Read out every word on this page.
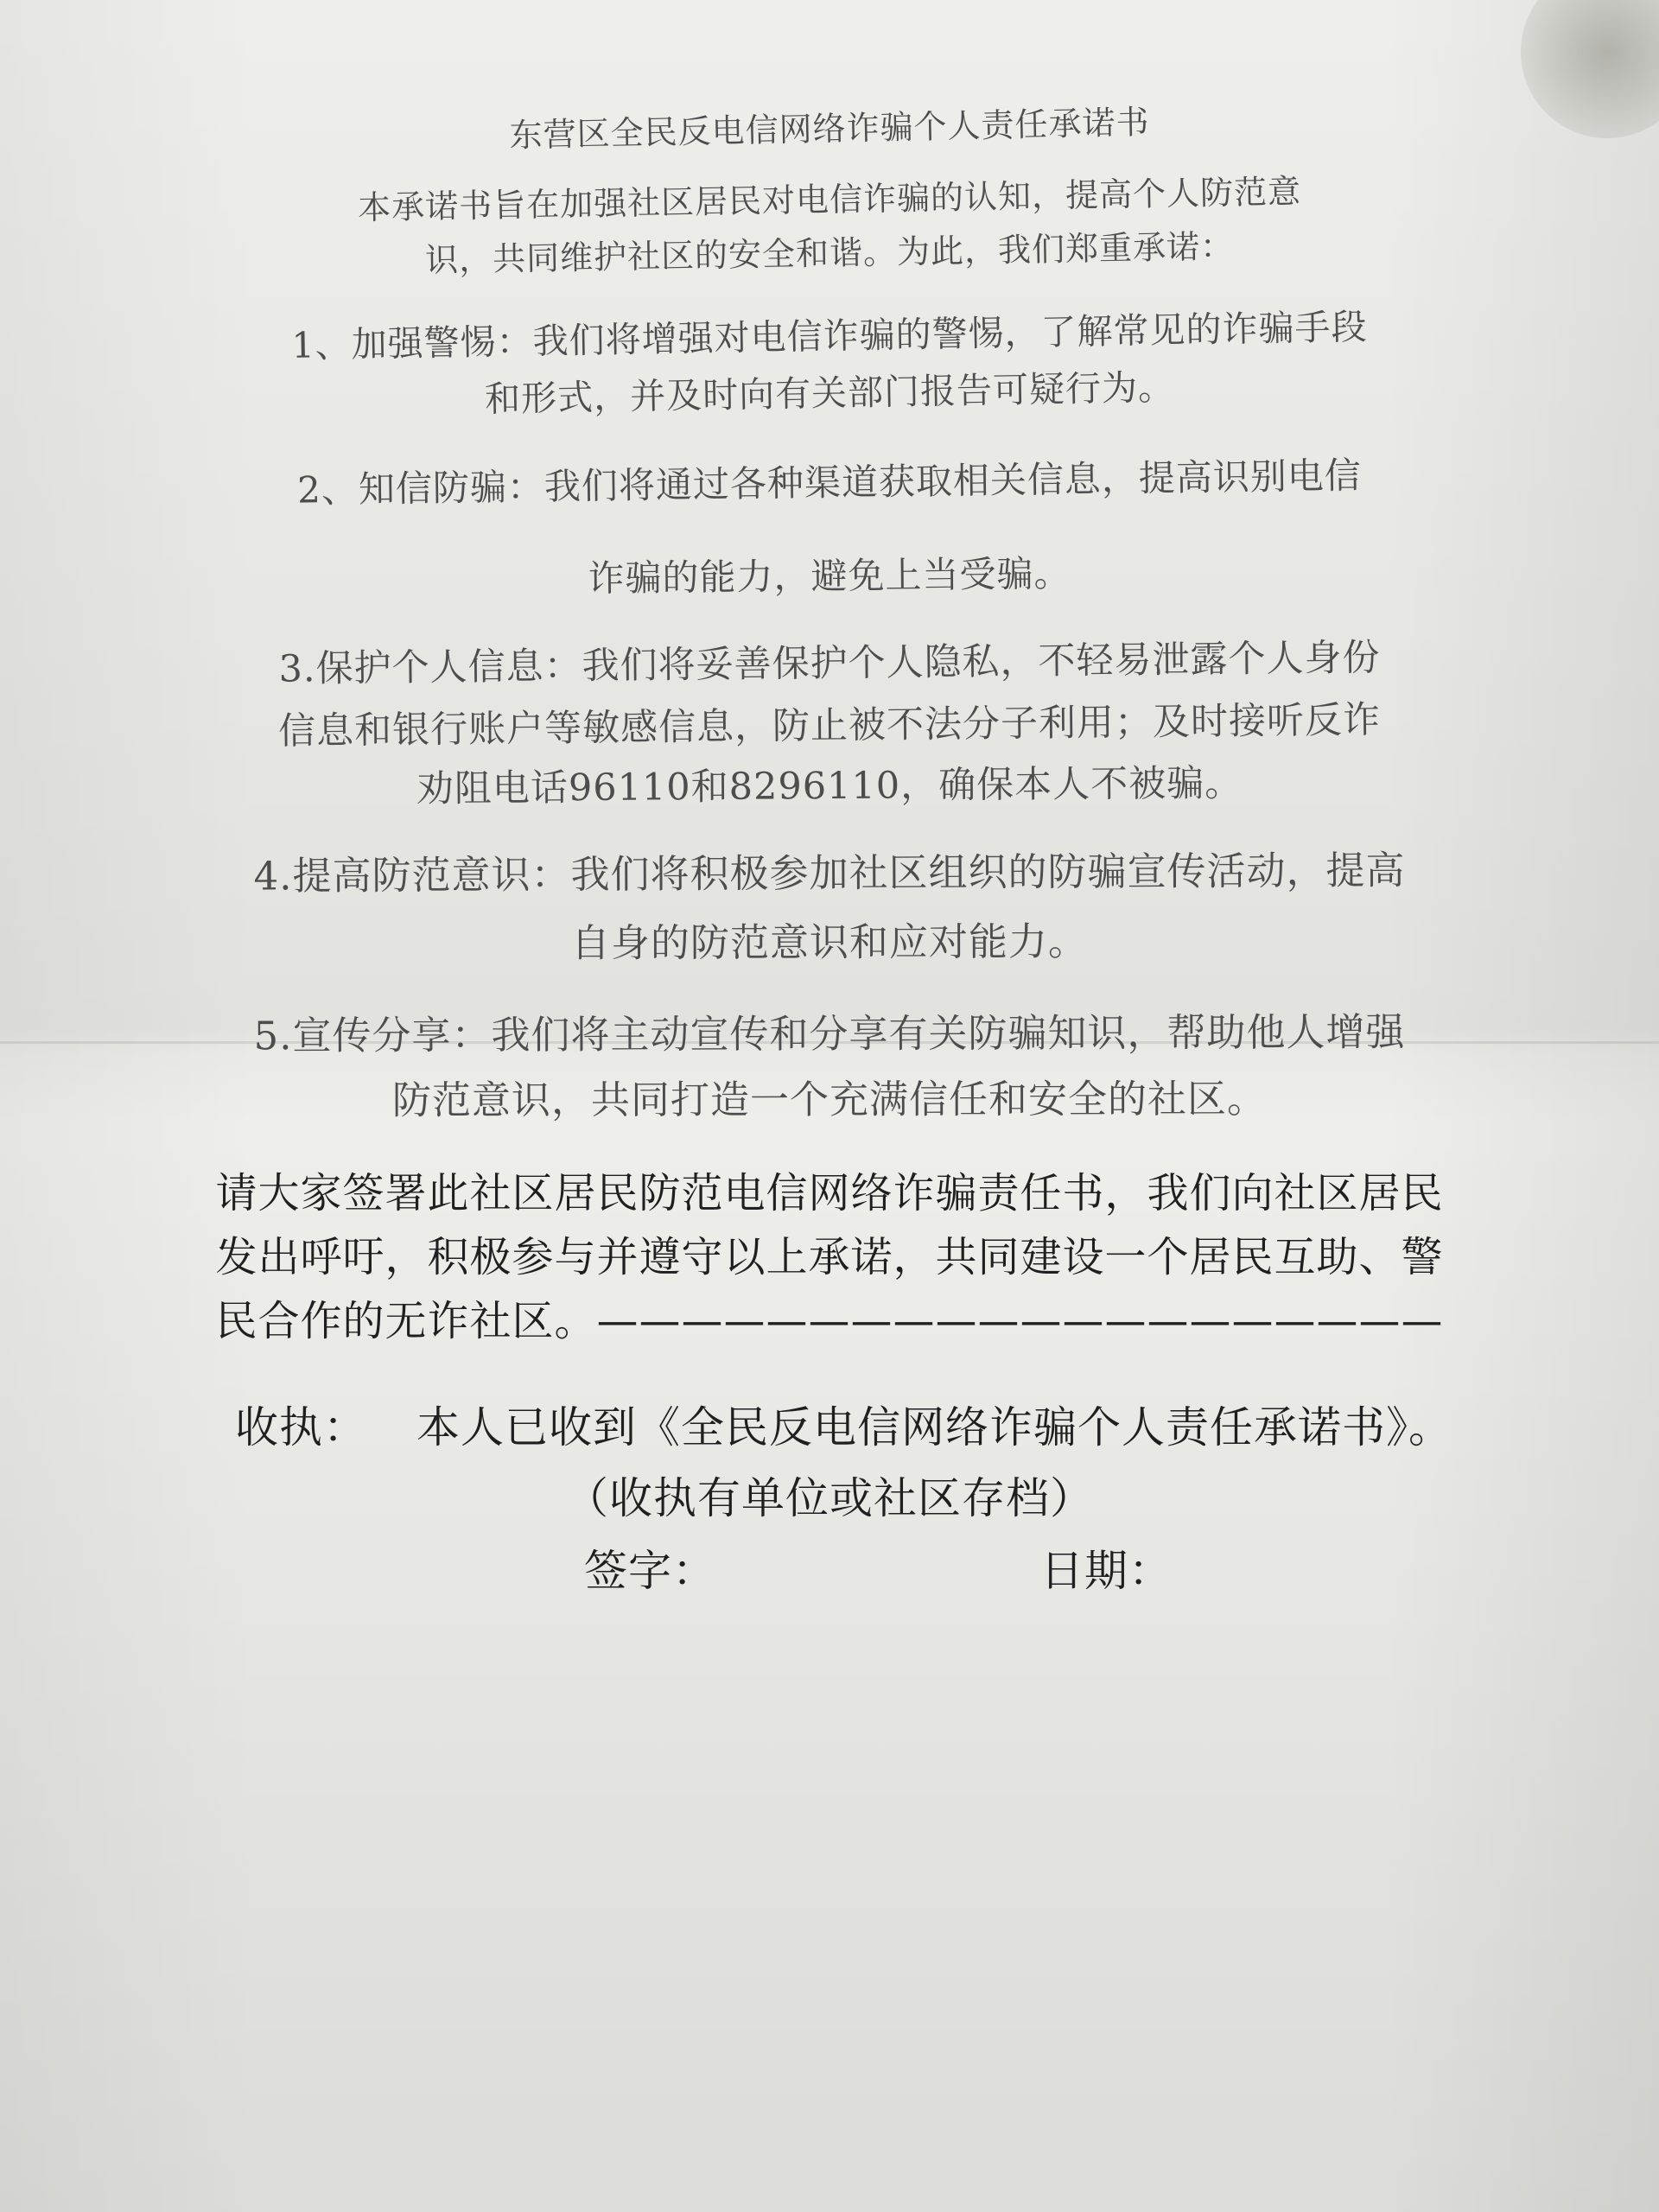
东营区全民反电信网络诈骗个人责任承诺书
本承诺书旨在加强社区居民对电信诈骗的认知，提高个人防范意
识，共同维护社区的安全和谐。为此，我们郑重承诺：
1、加强警惕：我们将增强对电信诈骗的警惕，了解常见的诈骗手段
和形式，并及时向有关部门报告可疑行为。
2、知信防骗：我们将通过各种渠道获取相关信息，提高识别电信
诈骗的能力，避免上当受骗。
3.保护个人信息：我们将妥善保护个人隐私，不轻易泄露个人身份
信息和银行账户等敏感信息，防止被不法分子利用；及时接听反诈
劝阻电话96110和8296110，确保本人不被骗。
4.提高防范意识：我们将积极参加社区组织的防骗宣传活动，提高
自身的防范意识和应对能力。
5.宣传分享：我们将主动宣传和分享有关防骗知识，帮助他人增强
防范意识，共同打造一个充满信任和安全的社区。
请大家签署此社区居民防范电信网络诈骗责任书，我们向社区居民
发出呼吁，积极参与并遵守以上承诺，共同建设一个居民互助、警
民合作的无诈社区。————————————————————
收执： 本人已收到《全民反电信网络诈骗个人责任承诺书》。
（收执有单位或社区存档）
签字：	日期：
